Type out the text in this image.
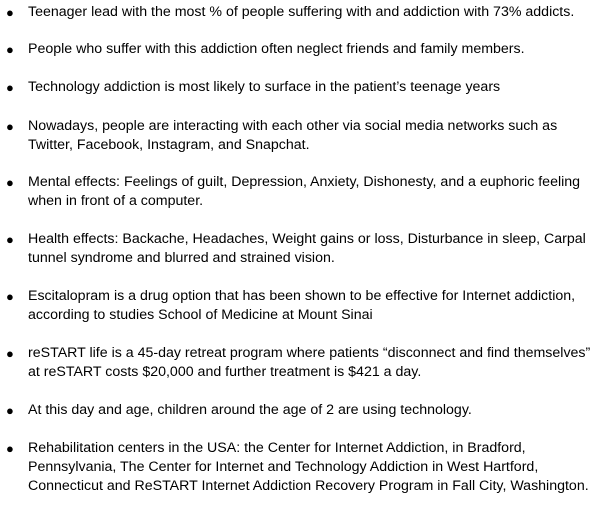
● Teenager lead with the most % of people suffering with and addiction with 73% addicts.
● People who suffer with this addiction often neglect friends and family members.
● Technology addiction is most likely to surface in the patient’s teenage years
● Nowadays, people are interacting with each other via social media networks such as Twitter, Facebook, Instagram, and Snapchat.
● Mental effects: Feelings of guilt, Depression, Anxiety, Dishonesty, and a euphoric feeling when in front of a computer.
● Health effects: Backache, Headaches, Weight gains or loss, Disturbance in sleep, Carpal tunnel syndrome and blurred and strained vision.
● Escitalopram is a drug option that has been shown to be effective for Internet addiction, according to studies School of Medicine at Mount Sinai
● reSTART life is a 45-day retreat program where patients “disconnect and find themselves” at reSTART costs $20,000 and further treatment is $421 a day.
● At this day and age, children around the age of 2 are using technology.
● Rehabilitation centers in the USA: the Center for Internet Addiction, in Bradford, Pennsylvania, The Center for Internet and Technology Addiction in West Hartford, Connecticut and ReSTART Internet Addiction Recovery Program in Fall City, Washington.
